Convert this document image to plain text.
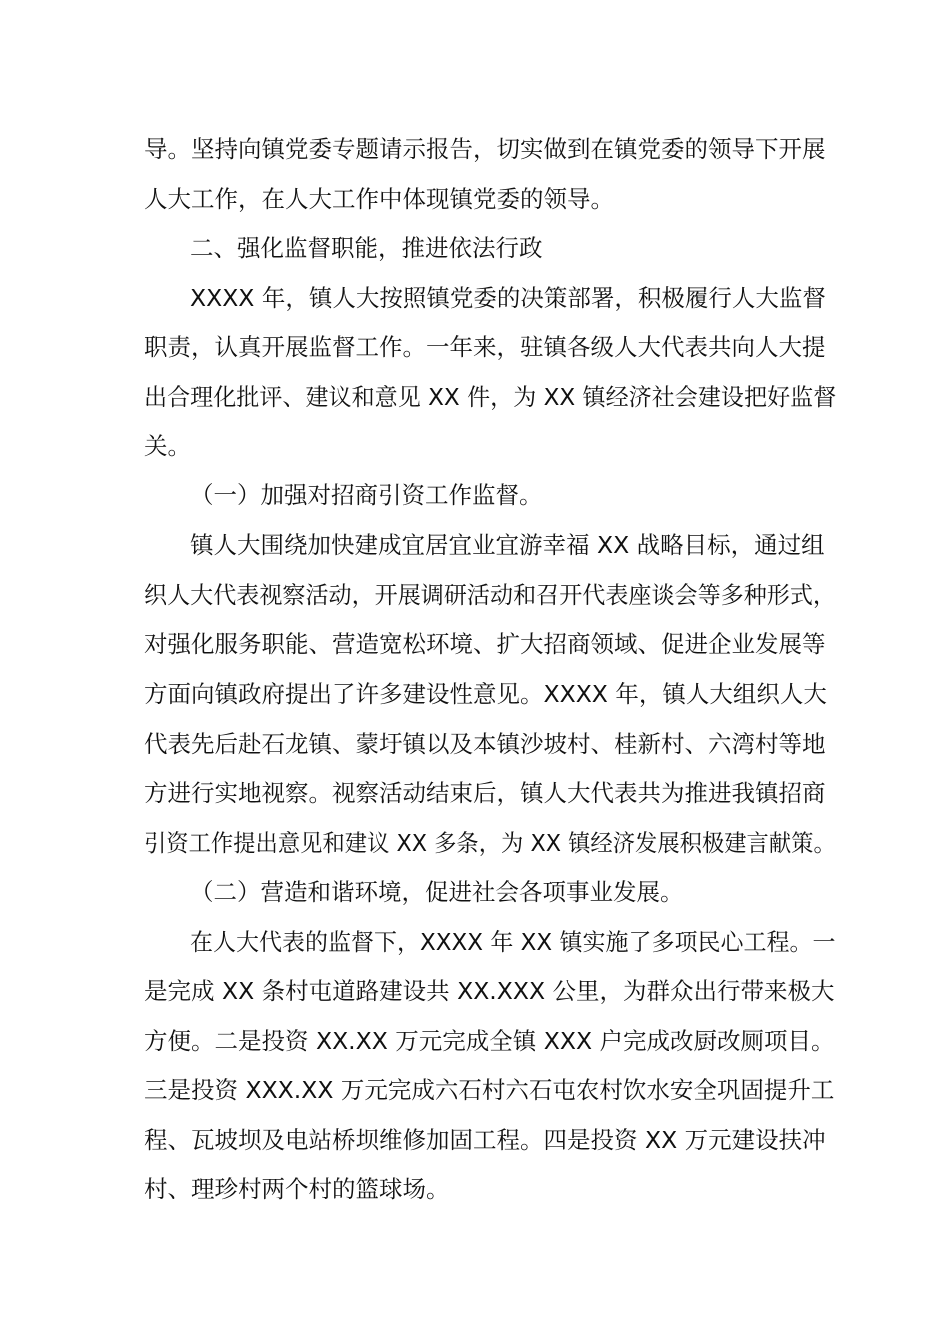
导。坚持向镇党委专题请示报告，切实做到在镇党委的领导下开展

人大工作，在人大工作中体现镇党委的领导。

二、强化监督职能，推进依法行政

XXXX 年，镇人大按照镇党委的决策部署，积极履行人大监督

职责，认真开展监督工作。一年来，驻镇各级人大代表共向人大提

出合理化批评、建议和意见 XX 件，为 XX 镇经济社会建设把好监督

关。

（一）加强对招商引资工作监督。

镇人大围绕加快建成宜居宜业宜游幸福 XX 战略目标，通过组

织人大代表视察活动，开展调研活动和召开代表座谈会等多种形式，

对强化服务职能、营造宽松环境、扩大招商领域、促进企业发展等

方面向镇政府提出了许多建设性意见。XXXX 年，镇人大组织人大

代表先后赴石龙镇、蒙圩镇以及本镇沙坡村、桂新村、六湾村等地

方进行实地视察。视察活动结束后，镇人大代表共为推进我镇招商

引资工作提出意见和建议 XX 多条，为 XX 镇经济发展积极建言献策。

（二）营造和谐环境，促进社会各项事业发展。

在人大代表的监督下，XXXX 年 XX 镇实施了多项民心工程。一

是完成 XX 条村屯道路建设共 XX.XXX 公里，为群众出行带来极大

方便。二是投资 XX.XX 万元完成全镇 XXX 户完成改厨改厕项目。

三是投资 XXX.XX 万元完成六石村六石屯农村饮水安全巩固提升工

程、瓦坡坝及电站桥坝维修加固工程。四是投资 XX 万元建设扶冲

村、理珍村两个村的篮球场。
